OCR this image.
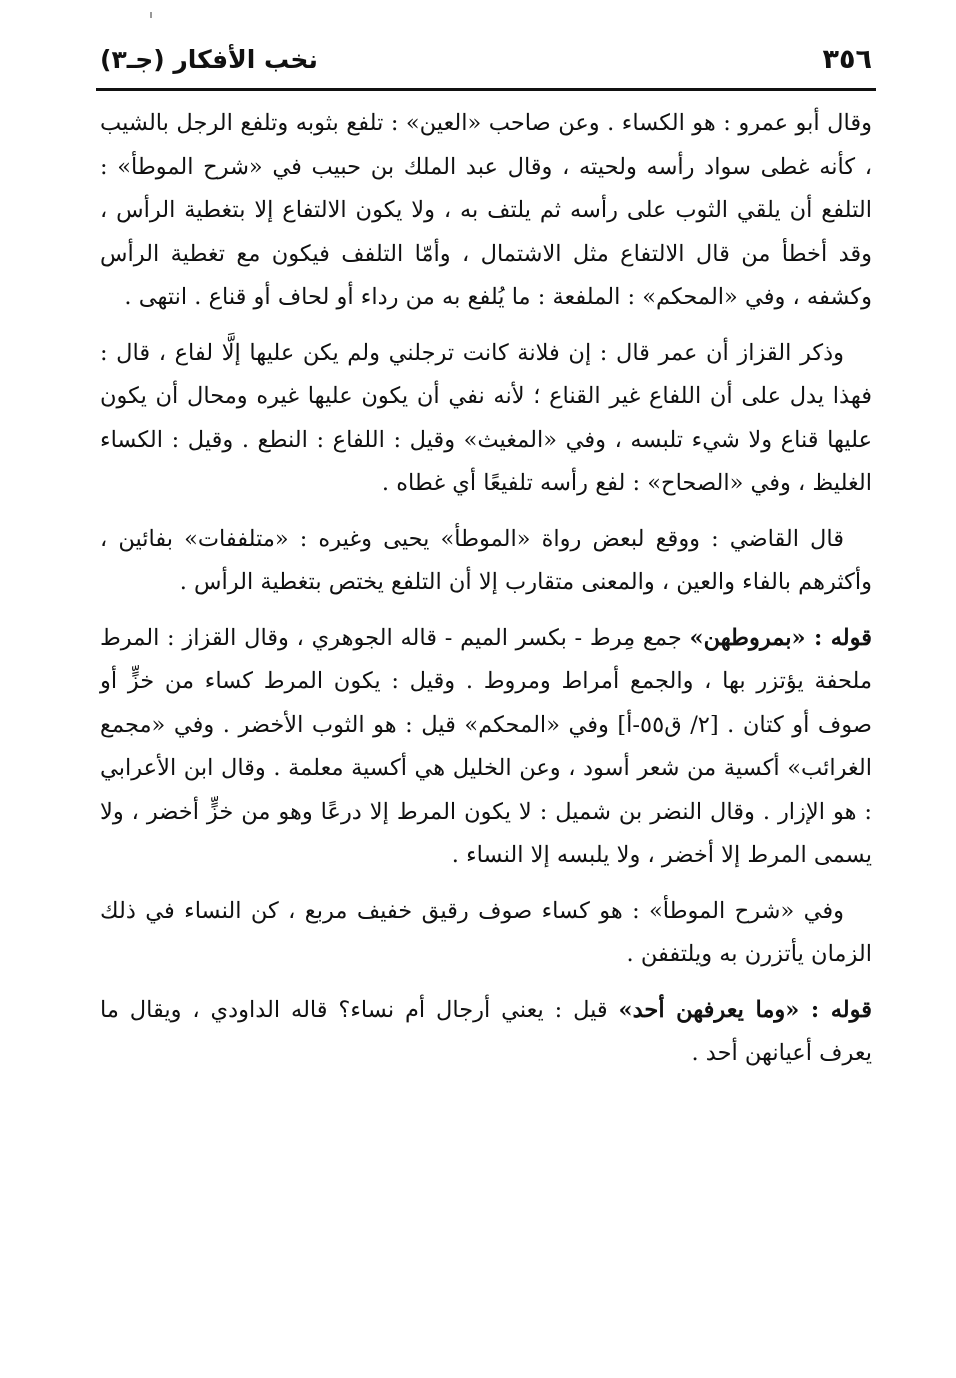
٣٥٦
نخب الأفكار (جـ٣)

وقال أبو عمرو : هو الكساء . وعن صاحب «العين» : تلفع بثوبه وتلفع الرجل بالشيب ، كأنه غطى سواد رأسه ولحيته ، وقال عبد الملك بن حبيب في «شرح الموطأ» : التلفع أن يلقي الثوب على رأسه ثم يلتف به ، ولا يكون الالتفاع إلا بتغطية الرأس ، وقد أخطأ من قال الالتفاع مثل الاشتمال ، وأمّا التلفف فيكون مع تغطية الرأس وكشفه ، وفي «المحكم» : الملفعة : ما يُلفع به من رداء أو لحاف أو قناع . انتهى .

وذكر القزاز أن عمر قال : إن فلانة كانت ترجلني ولم يكن عليها إلَّا لفاع ، قال : فهذا يدل على أن اللفاع غير القناع ؛ لأنه نفي أن يكون عليها غيره ومحال أن يكون عليها قناع ولا شيء تلبسه ، وفي «المغيث» وقيل : اللفاع : النطع . وقيل : الكساء الغليظ ، وفي «الصحاح» : لفع رأسه تلفيعًا أي غطاه .

قال القاضي : ووقع لبعض رواة «الموطأ» يحيى وغيره : «متلففات» بفائين ، وأكثرهم بالفاء والعين ، والمعنى متقارب إلا أن التلفع يختص بتغطية الرأس .

قوله : «بمروطهن» جمع مِرط - بكسر الميم - قاله الجوهري ، وقال القزاز : المرط ملحفة يؤتزر بها ، والجمع أمراط ومروط . وقيل : يكون المرط كساء من خزٍّ أو صوف أو كتان . [٢/ ق٥٥-أ] وفي «المحكم» قيل : هو الثوب الأخضر . وفي «مجمع الغرائب» أكسية من شعر أسود ، وعن الخليل هي أكسية معلمة . وقال ابن الأعرابي : هو الإزار . وقال النضر بن شميل : لا يكون المرط إلا درعًا وهو من خزٍّ أخضر ، ولا يسمى المرط إلا أخضر ، ولا يلبسه إلا النساء .

وفي «شرح الموطأ» : هو كساء صوف رقيق خفيف مربع ، كن النساء في ذلك الزمان يأتزرن به ويلتففن .

قوله : «وما يعرفهن أحد» قيل : يعني أرجال أم نساء؟ قاله الداودي ، ويقال ما يعرف أعيانهن أحد .
